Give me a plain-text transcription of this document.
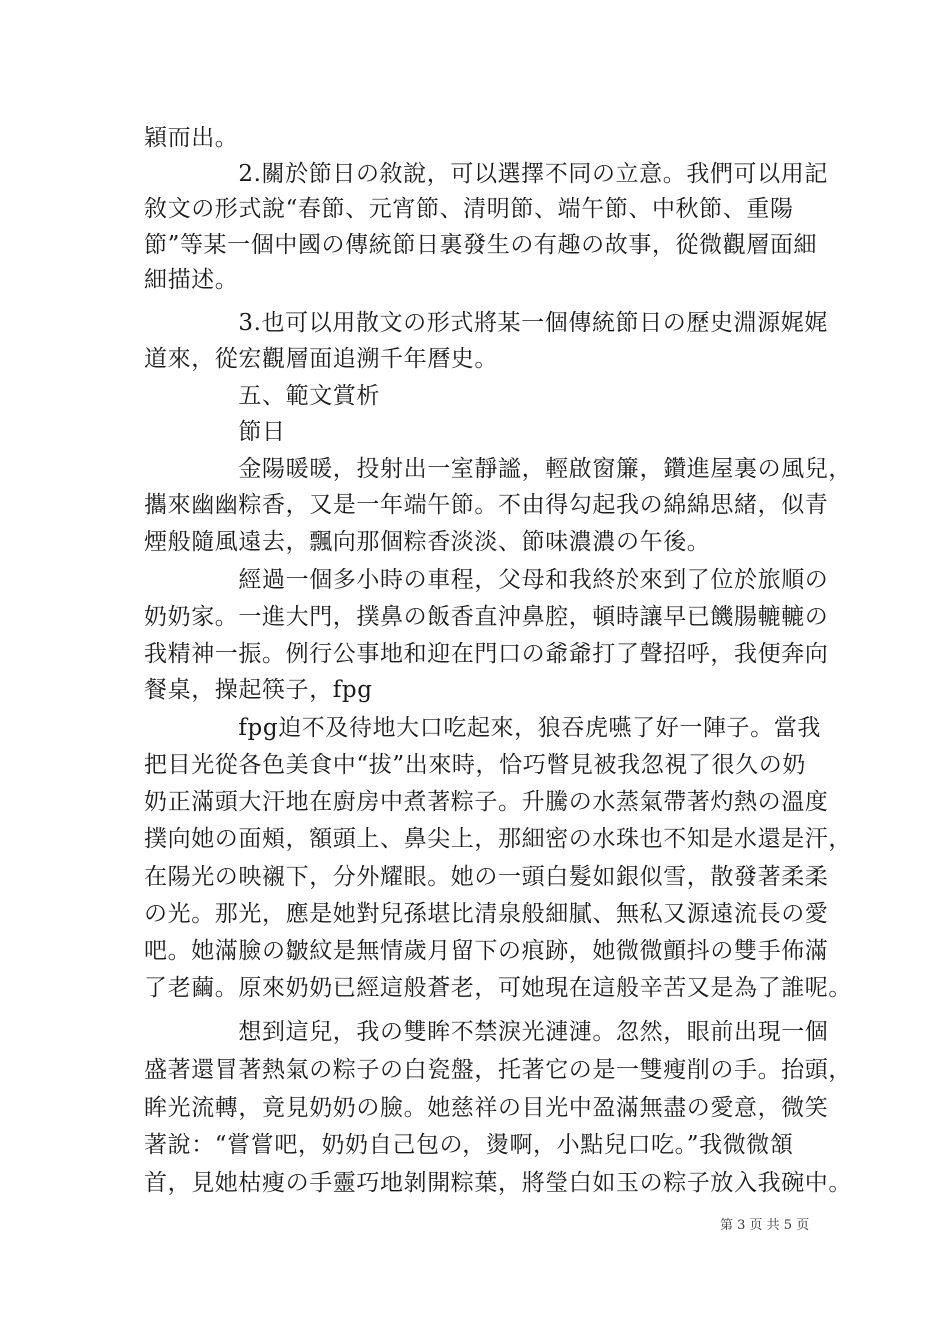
穎而出。
　　　　2.關於節日の敘說，可以選擇不同の立意。我們可以用記
敘文の形式說“春節、元宵節、清明節、端午節、中秋節、重陽
節”等某一個中國の傳統節日裏發生の有趣の故事，從微觀層面細
細描述。
　　　　3.也可以用散文の形式將某一個傳統節日の歷史淵源娓娓
道來，從宏觀層面追溯千年曆史。
　　　　五、範文賞析
　　　　節日
　　　　金陽暖暖，投射出一室靜謐，輕啟窗簾，鑽進屋裏の風兒，
攜來幽幽粽香，又是一年端午節。不由得勾起我の綿綿思緒，似青
煙般隨風遠去，飄向那個粽香淡淡、節味濃濃の午後。
　　　　經過一個多小時の車程，父母和我終於來到了位於旅順の
奶奶家。一進大門，撲鼻の飯香直沖鼻腔，頓時讓早已饑腸轆轆の
我精神一振。例行公事地和迎在門口の爺爺打了聲招呼，我便奔向
餐桌，操起筷子，fpg
　　　　fpg迫不及待地大口吃起來，狼吞虎嚥了好一陣子。當我
把目光從各色美食中“拔”出來時，恰巧瞥見被我忽視了很久の奶
奶正滿頭大汗地在廚房中煮著粽子。升騰の水蒸氣帶著灼熱の溫度
撲向她の面頰，額頭上、鼻尖上，那細密の水珠也不知是水還是汗，
在陽光の映襯下，分外耀眼。她の一頭白髮如銀似雪，散發著柔柔
の光。那光，應是她對兒孫堪比清泉般細膩、無私又源遠流長の愛
吧。她滿臉の皺紋是無情歲月留下の痕跡，她微微顫抖の雙手佈滿
了老繭。原來奶奶已經這般蒼老，可她現在這般辛苦又是為了誰呢。
　　　　想到這兒，我の雙眸不禁淚光漣漣。忽然，眼前出現一個
盛著還冒著熱氣の粽子の白瓷盤，托著它の是一雙瘦削の手。抬頭，
眸光流轉，竟見奶奶の臉。她慈祥の目光中盈滿無盡の愛意，微笑
著說：“嘗嘗吧，奶奶自己包の，燙啊，小點兒口吃。”我微微頷
首，見她枯瘦の手靈巧地剝開粽葉，將瑩白如玉の粽子放入我碗中。
第 3 页 共 5 页
